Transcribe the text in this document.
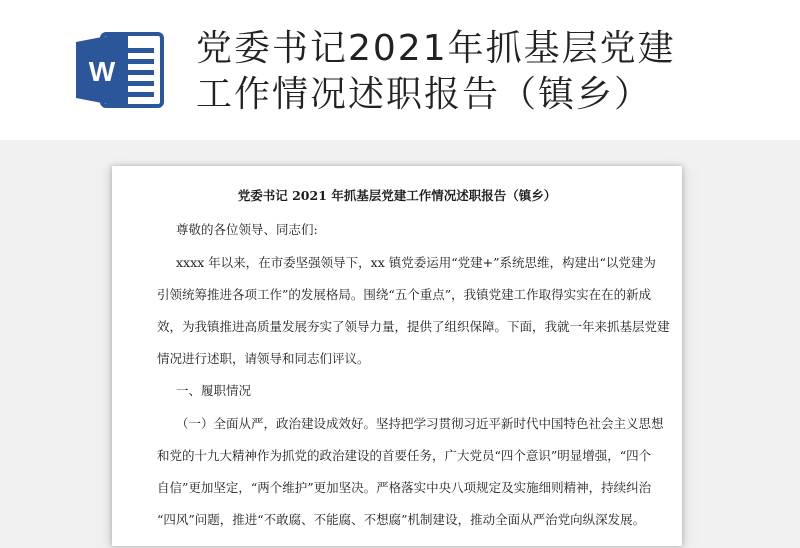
W
党委书记2021年抓基层党建
工作情况述职报告（镇乡）
党委书记 2021 年抓基层党建工作情况述职报告（镇乡）
尊敬的各位领导、同志们:
xxxx 年以来，在市委坚强领导下，xx 镇党委运用“党建+”系统思维，构建出“以党建为
引领统筹推进各项工作”的发展格局。围绕“五个重点”，我镇党建工作取得实实在在的新成
效，为我镇推进高质量发展夯实了领导力量，提供了组织保障。下面，我就一年来抓基层党建
情况进行述职，请领导和同志们评议。
一、履职情况
（一）全面从严，政治建设成效好。坚持把学习贯彻习近平新时代中国特色社会主义思想
和党的十九大精神作为抓党的政治建设的首要任务，广大党员“四个意识”明显增强，“四个
自信”更加坚定，“两个维护”更加坚决。严格落实中央八项规定及实施细则精神，持续纠治
“四风”问题，推进“不敢腐、不能腐、不想腐”机制建设，推动全面从严治党向纵深发展。
